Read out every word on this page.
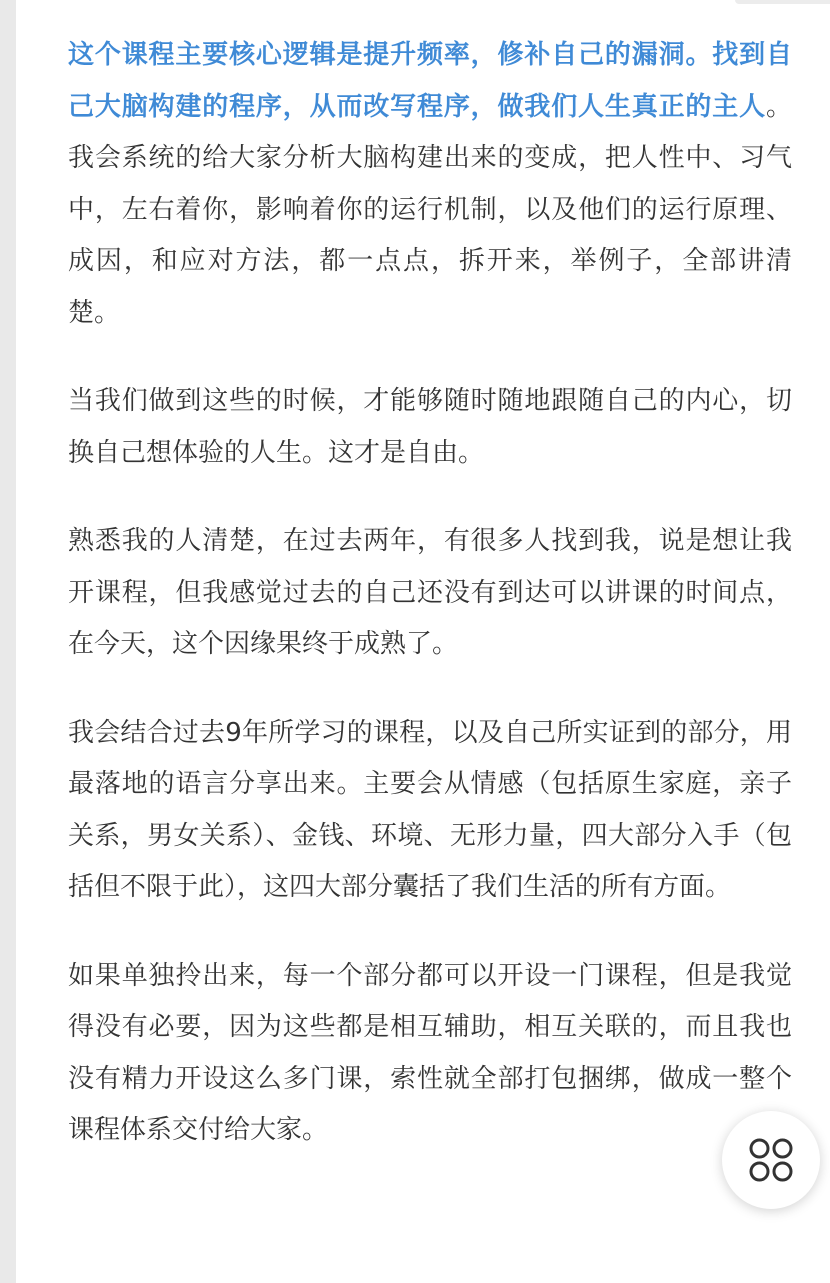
这个课程主要核心逻辑是提升频率，修补自己的漏洞。找到自己大脑构建的程序，从而改写程序，做我们人生真正的主人。我会系统的给大家分析大脑构建出来的变成，把人性中、习气中，左右着你，影响着你的运行机制，以及他们的运行原理、成因，和应对方法，都一点点，拆开来，举例子，全部讲清楚。

当我们做到这些的时候，才能够随时随地跟随自己的内心，切换自己想体验的人生。这才是自由。

熟悉我的人清楚，在过去两年，有很多人找到我，说是想让我开课程，但我感觉过去的自己还没有到达可以讲课的时间点，在今天，这个因缘果终于成熟了。

我会结合过去9年所学习的课程，以及自己所实证到的部分，用最落地的语言分享出来。主要会从情感（包括原生家庭，亲子关系，男女关系）、金钱、环境、无形力量，四大部分入手（包括但不限于此），这四大部分囊括了我们生活的所有方面。

如果单独拎出来，每一个部分都可以开设一门课程，但是我觉得没有必要，因为这些都是相互辅助，相互关联的，而且我也没有精力开设这么多门课，索性就全部打包捆绑，做成一整个课程体系交付给大家。
